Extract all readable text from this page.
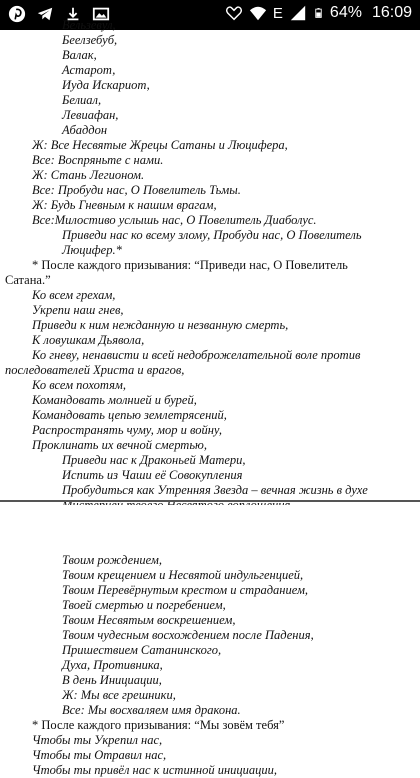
E	64% 16:09
Вельзевул,
Беелзебуб,
Валак,
Астарот,
Иуда Искариот,
Белиал,
Левиафан,
Абаддон
Ж: Все Несвятые Жрецы Сатаны и Люцифера,
Все: Воспряньте с нами.
Ж: Стань Легионом.
Все: Пробуди нас, О Повелитель Тьмы.
Ж: Будь Гневным к нашим врагам,
Все:Милостиво услышь нас, О Повелитель Диаболус.
Приведи нас ко всему злому, Пробуди нас, О Повелитель
Люцифер.*
* После каждого призывания: “Приведи нас, О Повелитель
Сатана.”
Ко всем грехам,
Укрепи наш гнев,
Приведи к ним нежданную и незванную смерть,
К ловушкам Дьявола,
Ко гневу, ненависти и всей недоброжелательной воле против
последователей Христа и врагов,
Ко всем похотям,
Командовать молнией и бурей,
Командовать цепью землетрясений,
Распространять чуму, мор и войну,
Проклинать их вечной смертью,
Приведи нас к Драконьей Матери,
Испить из Чаши её Совокупления
Пробудиться как Утренняя Звезда – вечная жизнь в духе
Твоим рождением,
Твоим крещением и Несвятой индульгенцией,
Твоим Перевёрнутым крестом и страданием,
Твоей смертью и погребением,
Твоим Несвятым воскрешением,
Твоим чудесным восхождением после Падения,
Пришествием Сатанинского,
Духа, Противника,
В день Инициации,
Ж: Мы все грешники,
Все: Мы восхваляем имя дракона.
* После каждого призывания: “Мы зовём тебя”
Чтобы ты Укрепил нас,
Чтобы ты Отравил нас,
Чтобы ты привёл нас к истинной инициации,
